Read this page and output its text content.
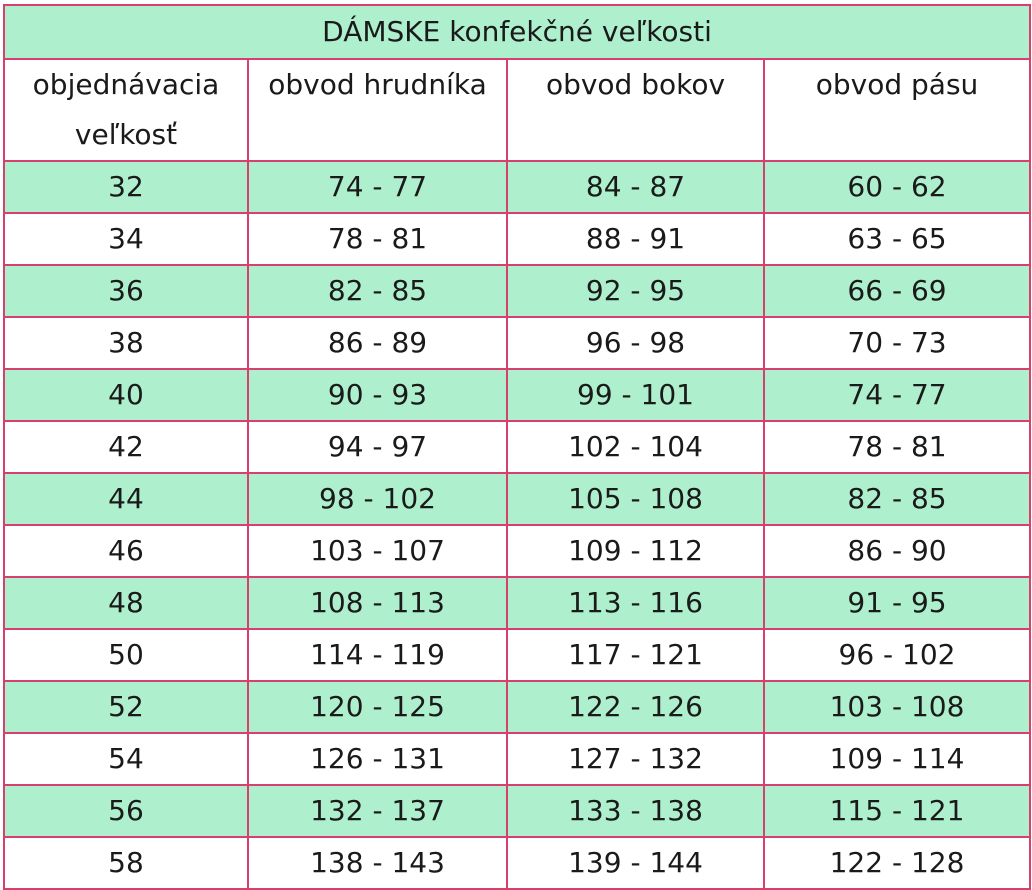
DÁMSKE konfekčné veľkosti			
objednávacia	obvod hrudníka	obvod bokov	obvod pásu
veľkosť			
32	74 - 77	84 - 87	60 - 62
34	78 - 81	88 - 91	63 - 65
36	82 - 85	92 - 95	66 - 69
38	86 - 89	96 - 98	70 - 73
40	90 - 93	99 - 101	74 - 77
42	94 - 97	102 - 104	78 - 81
44	98 - 102	105 - 108	82 - 85
46	103 - 107	109 - 112	86 - 90
48	108 - 113	113 - 116	91 - 95
50	114 - 119	117 - 121	96 - 102
52	120 - 125	122 - 126	103 - 108
54	126 - 131	127 - 132	109 - 114
56	132 - 137	133 - 138	115 - 121
58	138 - 143	139 - 144	122 - 128
